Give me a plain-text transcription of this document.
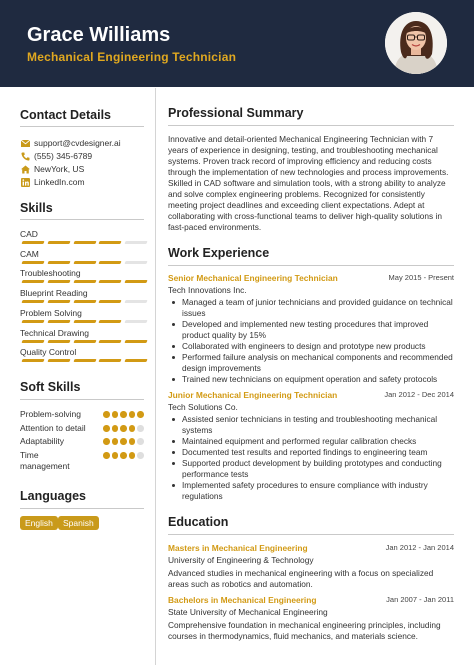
Grace Williams
Mechanical Engineering Technician
Contact Details
support@cvdesigner.ai
(555) 345-6789
NewYork, US
LinkedIn.com
Skills
CAD
CAM
Troubleshooting
Blueprint Reading
Problem Solving
Technical Drawing
Quality Control
Soft Skills
Problem-solving
Attention to detail
Adaptability
Time management
Languages
English	Spanish
Professional Summary
Innovative and detail-oriented Mechanical Engineering Technician with 7 years of experience in designing, testing, and troubleshooting mechanical systems. Proven track record of improving efficiency and reducing costs through the implementation of new technologies and process improvements. Skilled in CAD software and simulation tools, with a strong ability to analyze and solve complex engineering problems. Recognized for consistently meeting project deadlines and exceeding client expectations. Adept at collaborating with cross-functional teams to deliver high-quality solutions in fast-paced environments.
Work Experience
Senior Mechanical Engineering Technician	May 2015 - Present
Tech Innovations Inc.
Managed a team of junior technicians and provided guidance on technical issues
Developed and implemented new testing procedures that improved product quality by 15%
Collaborated with engineers to design and prototype new products
Performed failure analysis on mechanical components and recommended design improvements
Trained new technicians on equipment operation and safety protocols
Junior Mechanical Engineering Technician	Jan 2012 - Dec 2014
Tech Solutions Co.
Assisted senior technicians in testing and troubleshooting mechanical systems
Maintained equipment and performed regular calibration checks
Documented test results and reported findings to engineering team
Supported product development by building prototypes and conducting performance tests
Implemented safety procedures to ensure compliance with industry regulations
Education
Masters in Mechanical Engineering	Jan 2012 - Jan 2014
University of Engineering & Technology
Advanced studies in mechanical engineering with a focus on specialized areas such as robotics and automation.
Bachelors in Mechanical Engineering	Jan 2007 - Jan 2011
State University of Mechanical Engineering
Comprehensive foundation in mechanical engineering principles, including courses in thermodynamics, fluid mechanics, and materials science.
